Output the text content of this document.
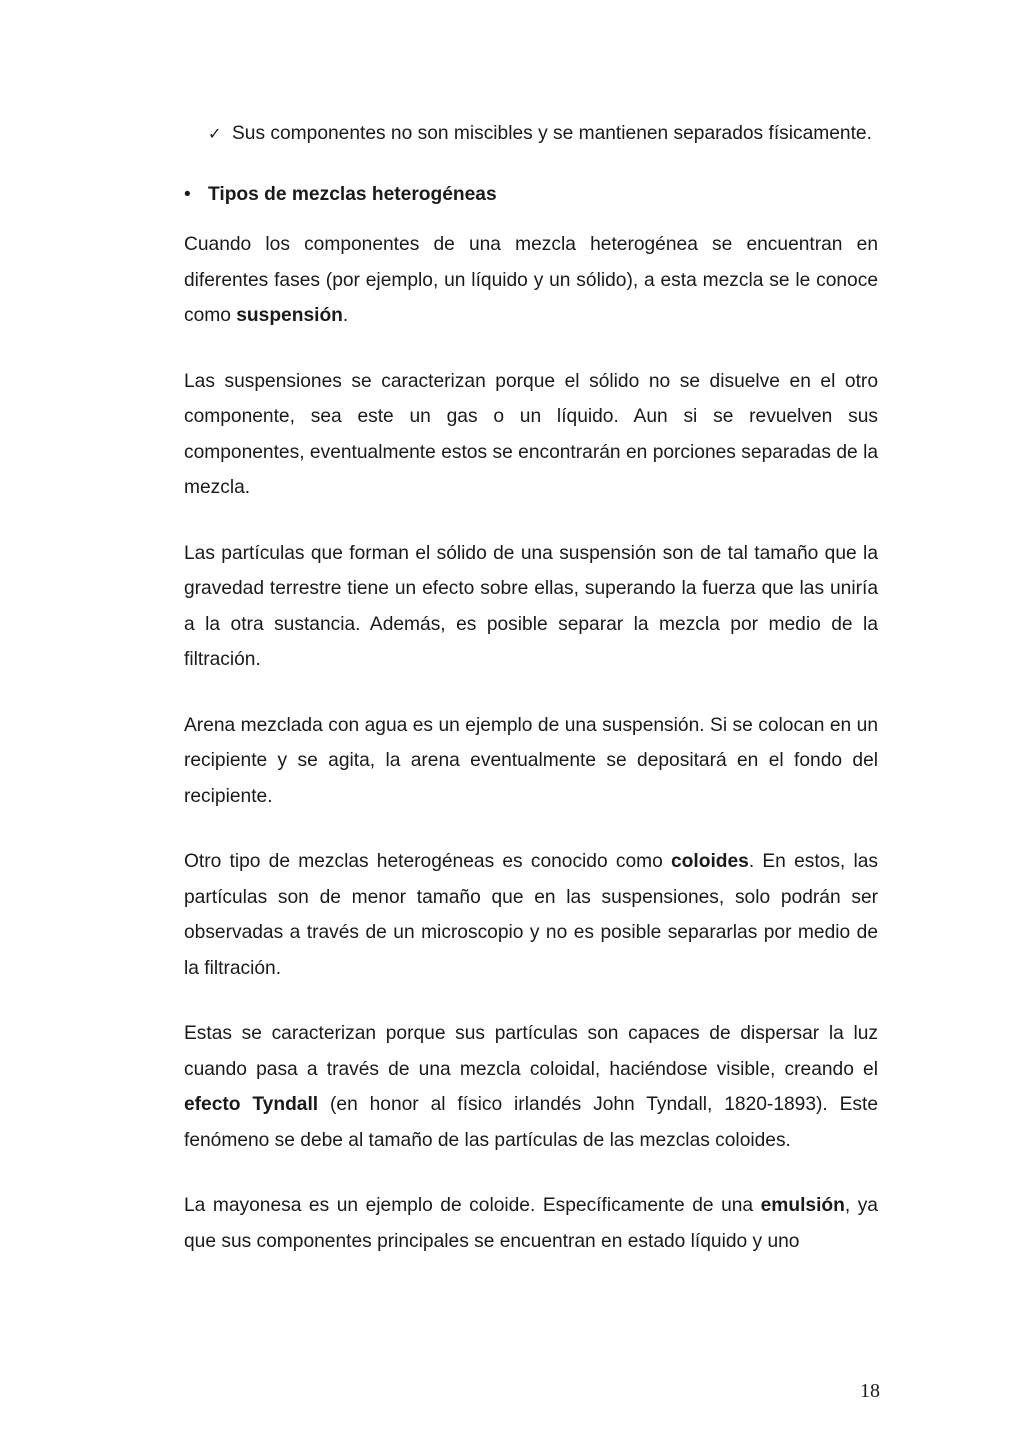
✓ Sus componentes no son miscibles y se mantienen separados físicamente.

• Tipos de mezclas heterogéneas

Cuando los componentes de una mezcla heterogénea se encuentran en diferentes fases (por ejemplo, un líquido y un sólido), a esta mezcla se le conoce como suspensión.

Las suspensiones se caracterizan porque el sólido no se disuelve en el otro componente, sea este un gas o un líquido. Aun si se revuelven sus componentes, eventualmente estos se encontrarán en porciones separadas de la mezcla.

Las partículas que forman el sólido de una suspensión son de tal tamaño que la gravedad terrestre tiene un efecto sobre ellas, superando la fuerza que las uniría a la otra sustancia. Además, es posible separar la mezcla por medio de la filtración.

Arena mezclada con agua es un ejemplo de una suspensión. Si se colocan en un recipiente y se agita, la arena eventualmente se depositará en el fondo del recipiente.

Otro tipo de mezclas heterogéneas es conocido como coloides. En estos, las partículas son de menor tamaño que en las suspensiones, solo podrán ser observadas a través de un microscopio y no es posible separarlas por medio de la filtración.

Estas se caracterizan porque sus partículas son capaces de dispersar la luz cuando pasa a través de una mezcla coloidal, haciéndose visible, creando el efecto Tyndall (en honor al físico irlandés John Tyndall, 1820-1893). Este fenómeno se debe al tamaño de las partículas de las mezclas coloides.

La mayonesa es un ejemplo de coloide. Específicamente de una emulsión, ya que sus componentes principales se encuentran en estado líquido y uno

18
